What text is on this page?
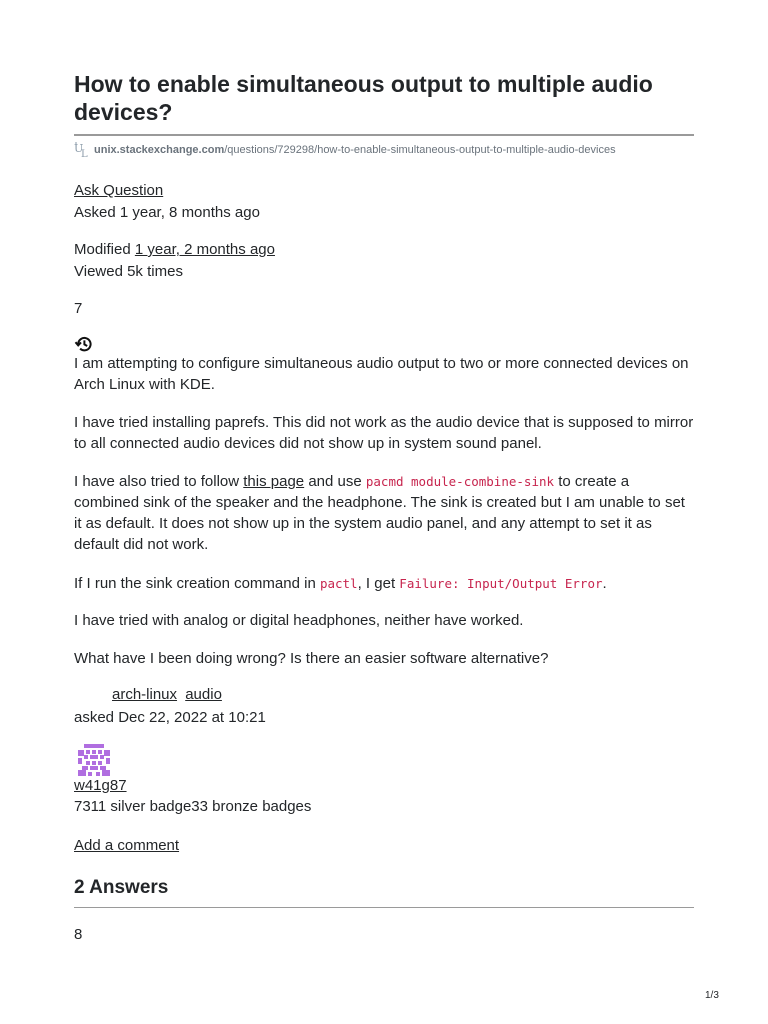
How to enable simultaneous output to multiple audio devices?
U
L unix.stackexchange.com /questions/729298/how-to-enable-simultaneous-output-to-multiple-audio-devices
Ask Question
Asked 1 year, 8 months ago
Modified 1 year, 2 months ago
Viewed 5k times
7
I am attempting to configure simultaneous audio output to two or more connected devices on Arch Linux with KDE.
I have tried installing paprefs. This did not work as the audio device that is supposed to mirror to all connected audio devices did not show up in system sound panel.
I have also tried to follow this page and use pacmd module-combine-sink to create a combined sink of the speaker and the headphone. The sink is created but I am unable to set it as default. It does not show up in the system audio panel, and any attempt to set it as default did not work.
If I run the sink creation command in pactl, I get Failure: Input/Output Error.
I have tried with analog or digital headphones, neither have worked.
What have I been doing wrong? Is there an easier software alternative?
arch-linux audio
asked Dec 22, 2022 at 10:21
w41g87
7311 silver badge33 bronze badges
Add a comment
2 Answers
8
1/3
